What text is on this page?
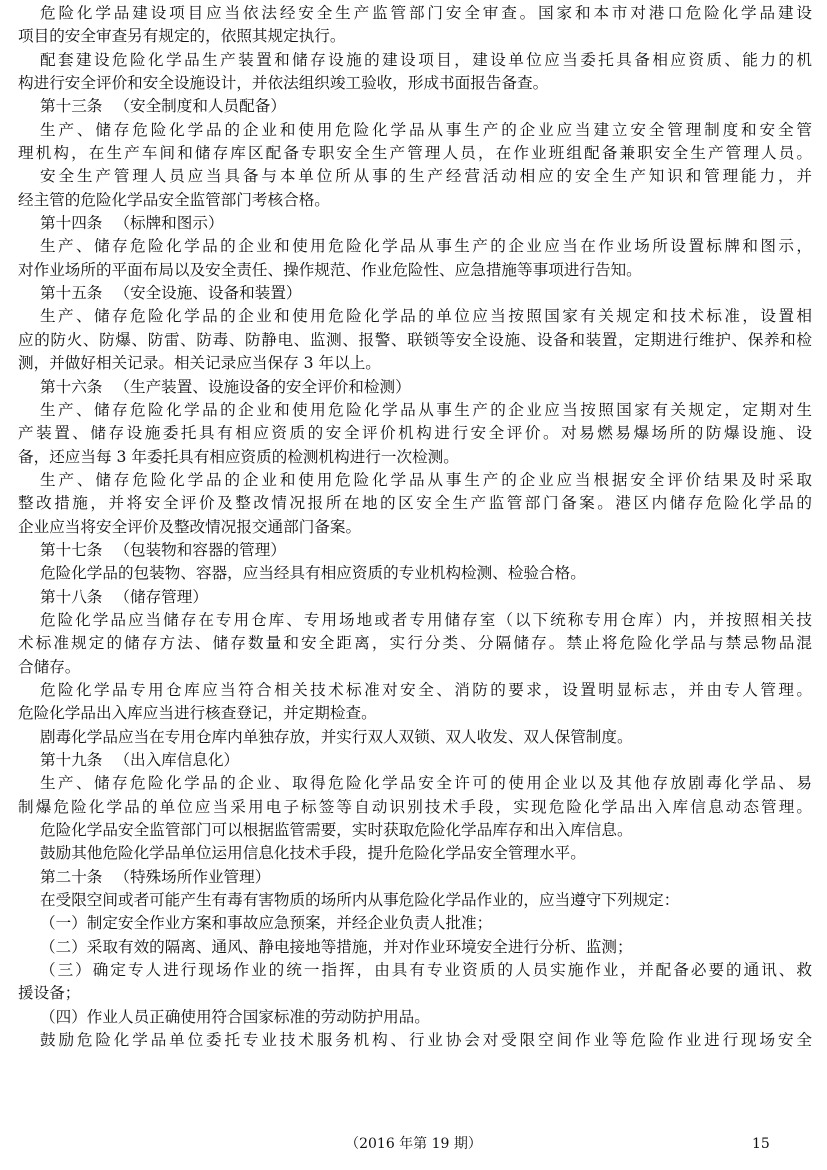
危险化学品建设项目应当依法经安全生产监管部门安全审查。国家和本市对港口危险化学品建设
项目的安全审查另有规定的，依照其规定执行。
配套建设危险化学品生产装置和储存设施的建设项目，建设单位应当委托具备相应资质、能力的机
构进行安全评价和安全设施设计，并依法组织竣工验收，形成书面报告备查。
第十三条 （安全制度和人员配备）
生产、储存危险化学品的企业和使用危险化学品从事生产的企业应当建立安全管理制度和安全管
理机构，在生产车间和储存库区配备专职安全生产管理人员，在作业班组配备兼职安全生产管理人员。
安全生产管理人员应当具备与本单位所从事的生产经营活动相应的安全生产知识和管理能力，并
经主管的危险化学品安全监管部门考核合格。
第十四条 （标牌和图示）
生产、储存危险化学品的企业和使用危险化学品从事生产的企业应当在作业场所设置标牌和图示，
对作业场所的平面布局以及安全责任、操作规范、作业危险性、应急措施等事项进行告知。
第十五条 （安全设施、设备和装置）
生产、储存危险化学品的企业和使用危险化学品的单位应当按照国家有关规定和技术标准，设置相
应的防火、防爆、防雷、防毒、防静电、监测、报警、联锁等安全设施、设备和装置，定期进行维护、保养和检
测，并做好相关记录。相关记录应当保存 3 年以上。
第十六条 （生产装置、设施设备的安全评价和检测）
生产、储存危险化学品的企业和使用危险化学品从事生产的企业应当按照国家有关规定，定期对生
产装置、储存设施委托具有相应资质的安全评价机构进行安全评价。对易燃易爆场所的防爆设施、设
备，还应当每 3 年委托具有相应资质的检测机构进行一次检测。
生产、储存危险化学品的企业和使用危险化学品从事生产的企业应当根据安全评价结果及时采取
整改措施，并将安全评价及整改情况报所在地的区安全生产监管部门备案。港区内储存危险化学品的
企业应当将安全评价及整改情况报交通部门备案。
第十七条 （包装物和容器的管理）
危险化学品的包装物、容器，应当经具有相应资质的专业机构检测、检验合格。
第十八条 （储存管理）
危险化学品应当储存在专用仓库、专用场地或者专用储存室（以下统称专用仓库）内，并按照相关技
术标准规定的储存方法、储存数量和安全距离，实行分类、分隔储存。禁止将危险化学品与禁忌物品混
合储存。
危险化学品专用仓库应当符合相关技术标准对安全、消防的要求，设置明显标志，并由专人管理。
危险化学品出入库应当进行核查登记，并定期检查。
剧毒化学品应当在专用仓库内单独存放，并实行双人双锁、双人收发、双人保管制度。
第十九条 （出入库信息化）
生产、储存危险化学品的企业、取得危险化学品安全许可的使用企业以及其他存放剧毒化学品、易
制爆危险化学品的单位应当采用电子标签等自动识别技术手段，实现危险化学品出入库信息动态管理。
危险化学品安全监管部门可以根据监管需要，实时获取危险化学品库存和出入库信息。
鼓励其他危险化学品单位运用信息化技术手段，提升危险化学品安全管理水平。
第二十条 （特殊场所作业管理）
在受限空间或者可能产生有毒有害物质的场所内从事危险化学品作业的，应当遵守下列规定：
（一）制定安全作业方案和事故应急预案，并经企业负责人批准；
（二）采取有效的隔离、通风、静电接地等措施，并对作业环境安全进行分析、监测；
（三）确定专人进行现场作业的统一指挥，由具有专业资质的人员实施作业，并配备必要的通讯、救
援设备；
（四）作业人员正确使用符合国家标准的劳动防护用品。
鼓励危险化学品单位委托专业技术服务机构、行业协会对受限空间作业等危险作业进行现场安全
（2016 年第 19 期）	15
